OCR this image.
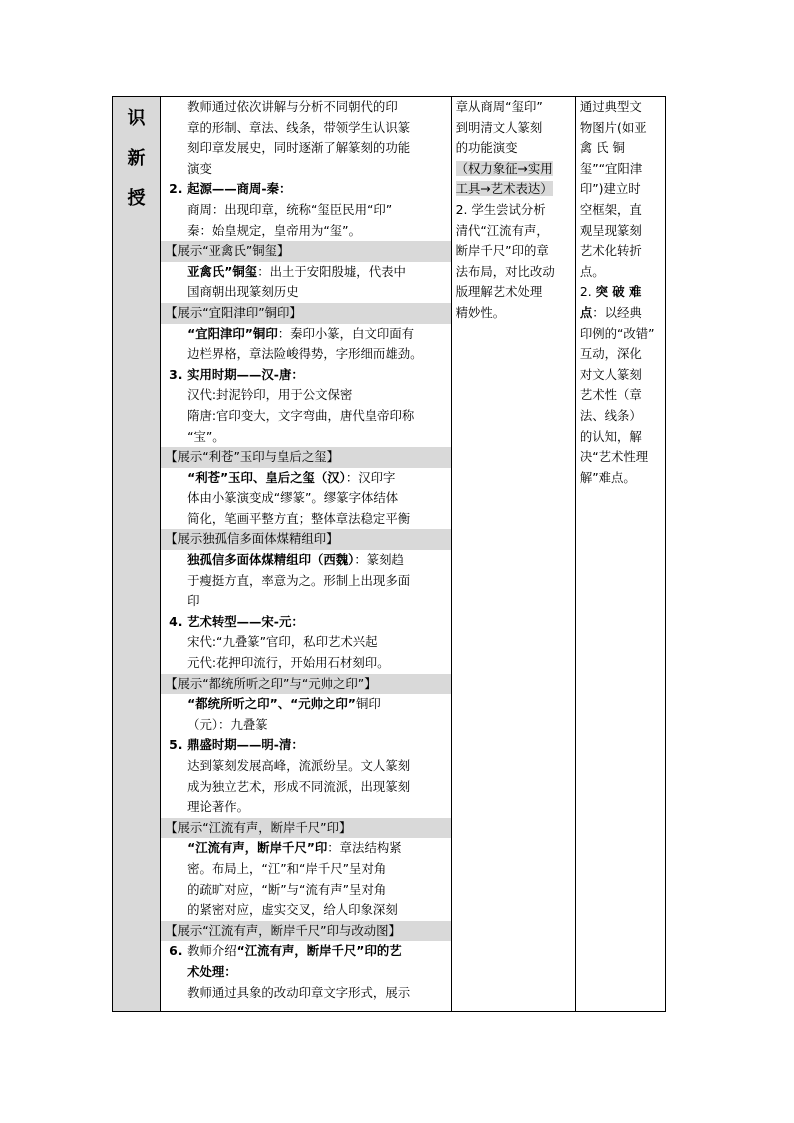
识
新
授

教师通过依次讲解与分析不同朝代的印
章的形制、章法、线条，带领学生认识篆
刻印章发展史，同时逐渐了解篆刻的功能
演变
2. 起源——商周-秦：
商周：出现印章，统称“玺臣民用“印”
秦：始皇规定，皇帝用为“玺”。
【展示“亚禽氏”铜玺】
亚禽氏”铜玺：出土于安阳殷墟，代表中
国商朝出现篆刻历史
【展示“宜阳津印”铜印】
“宜阳津印”铜印：秦印小篆，白文印面有
边栏界格，章法险峻得势，字形细而雄劲。
3. 实用时期——汉-唐：
汉代:封泥钤印，用于公文保密
隋唐:官印变大，文字弯曲，唐代皇帝印称
“宝”。
【展示“利苍”玉印与皇后之玺】
“利苍”玉印、皇后之玺（汉）：汉印字
体由小篆演变成“缪篆”。缪篆字体结体
简化，笔画平整方直；整体章法稳定平衡
【展示独孤信多面体煤精组印】
独孤信多面体煤精组印（西魏）：篆刻趋
于瘦挺方直，率意为之。形制上出现多面
印
4. 艺术转型——宋-元：
宋代:“九叠篆”官印，私印艺术兴起
元代:花押印流行，开始用石材刻印。
【展示“都统所听之印”与“元帅之印”】
“都统所听之印”、“元帅之印”铜印
（元）：九叠篆
5. 鼎盛时期——明-清：
达到篆刻发展高峰，流派纷呈。文人篆刻
成为独立艺术，形成不同流派，出现篆刻
理论著作。
【展示“江流有声，断岸千尺”印】
“江流有声，断岸千尺”印：章法结构紧
密。布局上，“江”和“岸千尺”呈对角
的疏旷对应，“断”与“流有声”呈对角
的紧密对应，虚实交叉，给人印象深刻
【展示“江流有声，断岸千尺”印与改动图】
6. 教师介绍“江流有声，断岸千尺”印的艺
术处理：
教师通过具象的改动印章文字形式，展示

章从商周“玺印”
到明清文人篆刻
的功能演变
（权力象征→实用
工具→艺术表达）
2. 学生尝试分析
清代“江流有声，
断岸千尺”印的章
法布局，对比改动
版理解艺术处理
精妙性。

通过典型文
物图片(如亚
禽 氏 铜
玺”“宜阳津
印”)建立时
空框架，直
观呈现篆刻
艺术化转折
点。
2. 突 破 难
点：以经典
印例的“改错”
互动，深化
对文人篆刻
艺术性（章
法、线条）
的认知，解
决“艺术性理
解”难点。
